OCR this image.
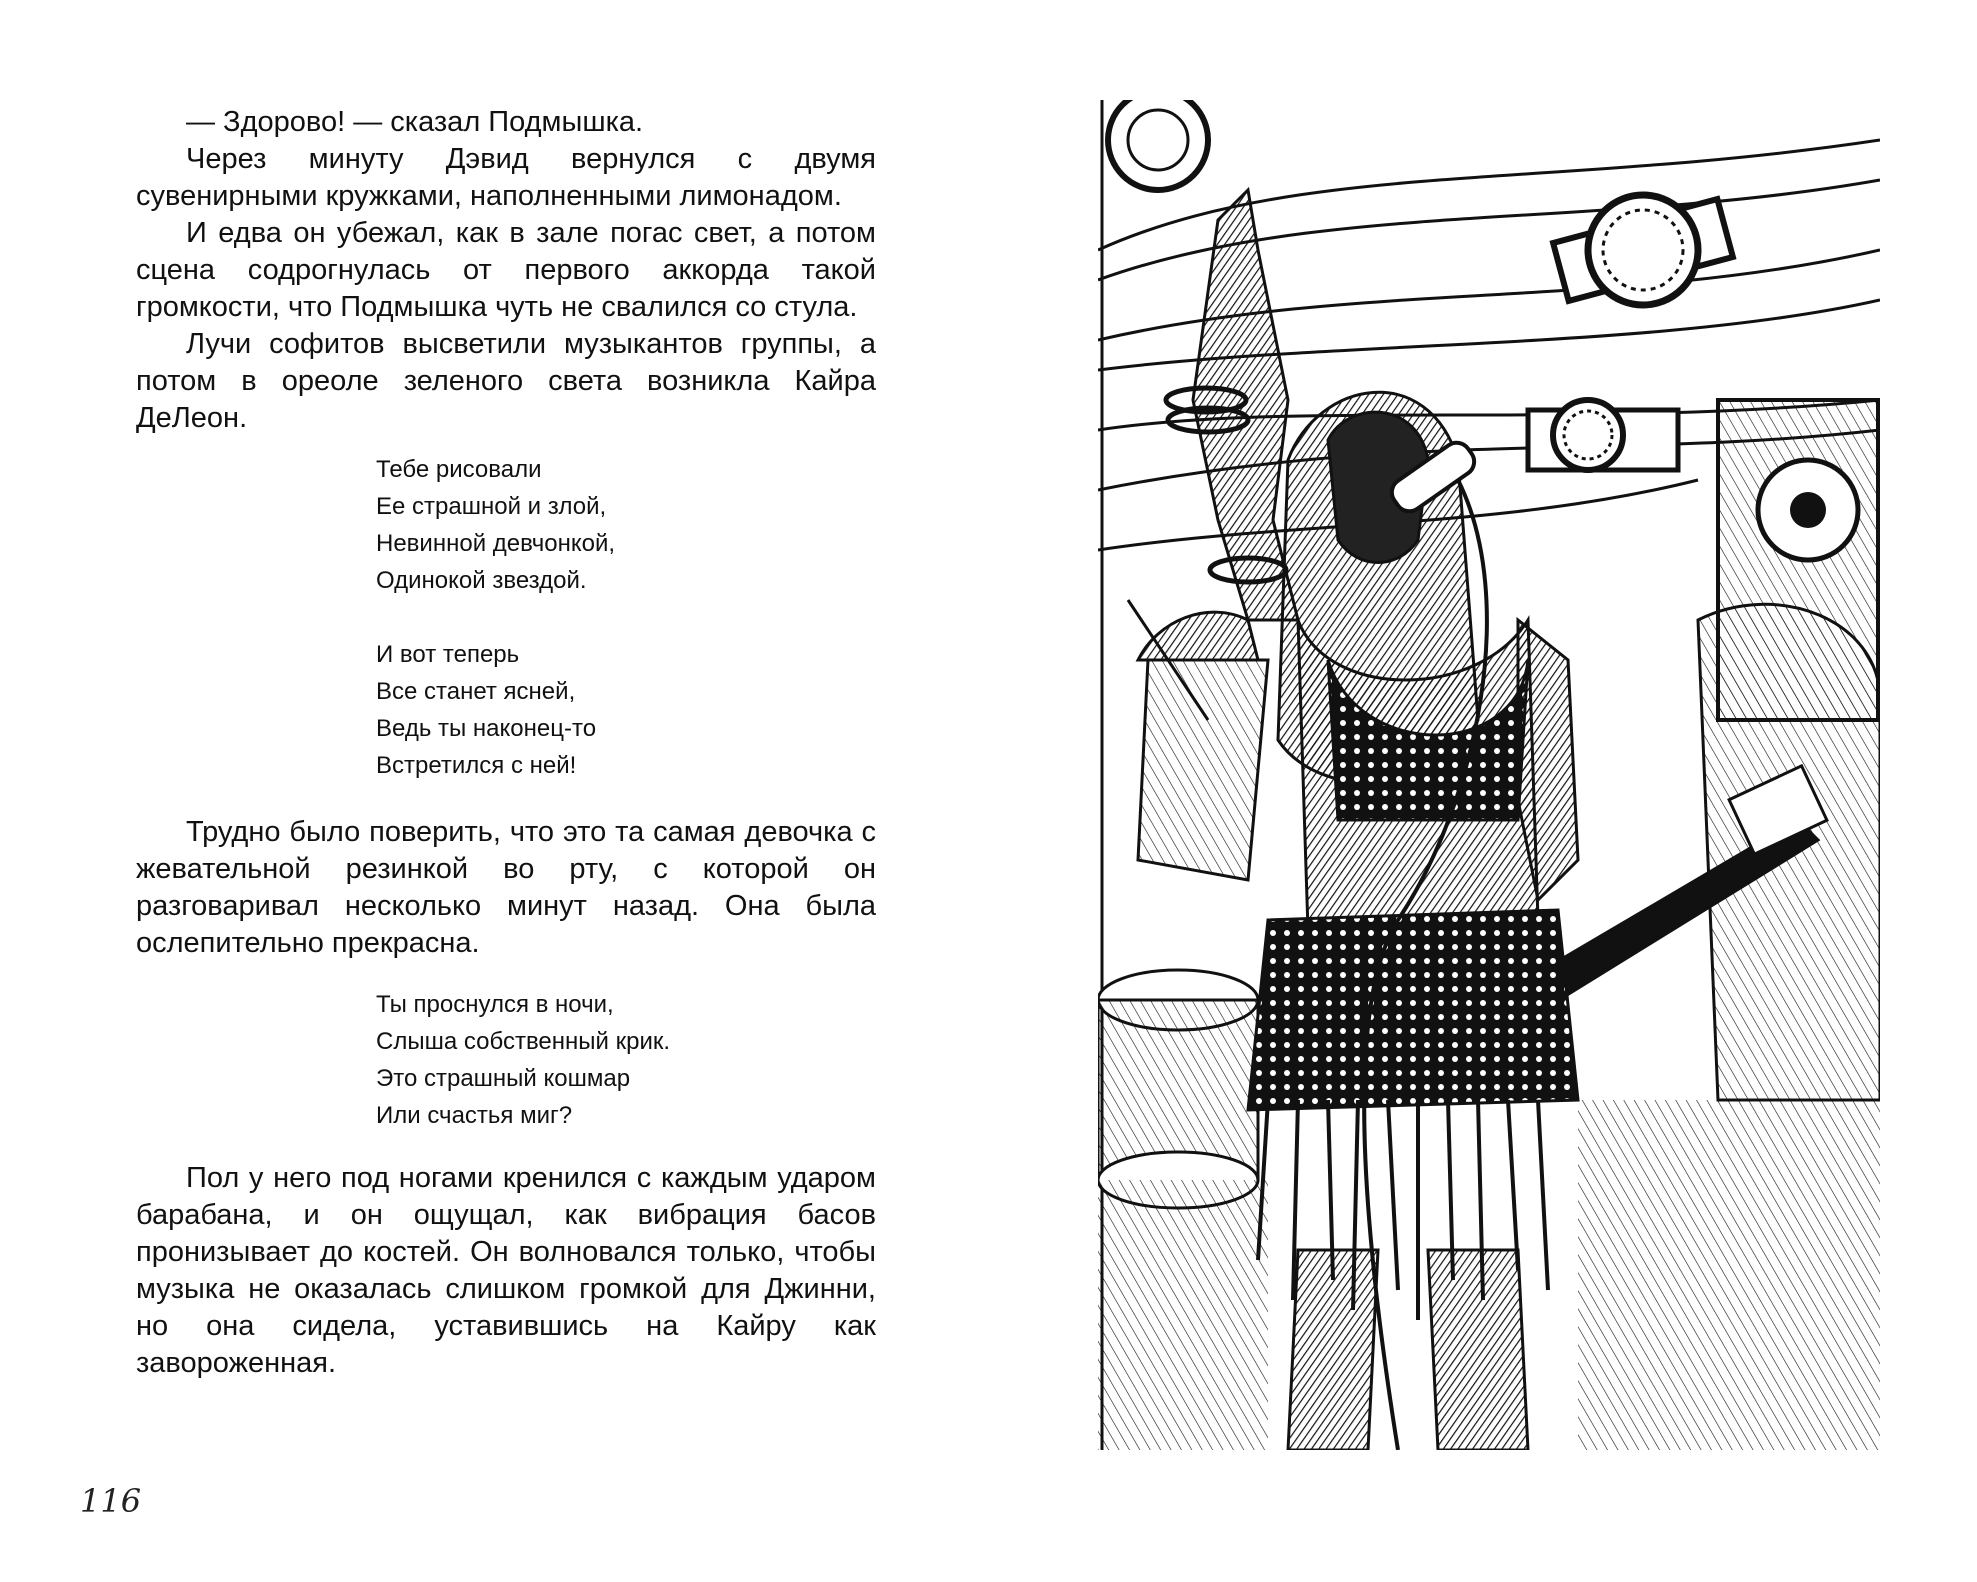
— Здорово! — сказал Подмышка.

Через минуту Дэвид вернулся с двумя сувенирными кружками, наполненными лимонадом.

И едва он убежал, как в зале погас свет, а потом сцена содрогнулась от первого аккорда такой громкости, что Подмышка чуть не свалился со стула.

Лучи софитов высветили музыкантов группы, а потом в ореоле зеленого света возникла Кайра ДеЛеон.

Тебе рисовали
Ее страшной и злой,
Невинной девчонкой,
Одинокой звездой.
И вот теперь
Все станет ясней,
Ведь ты наконец-то
Встретился с ней!

Трудно было поверить, что это та самая девочка с жевательной резинкой во рту, с которой он разговаривал несколько минут назад. Она была ослепительно прекрасна.

Ты проснулся в ночи,
Слыша собственный крик.
Это страшный кошмар
Или счастья миг?

Пол у него под ногами кренился с каждым ударом барабана, и он ощущал, как вибрация басов пронизывает до костей. Он волновался только, чтобы музыка не оказалась слишком громкой для Джинни, но она сидела, уставившись на Кайру как завороженная.

116
